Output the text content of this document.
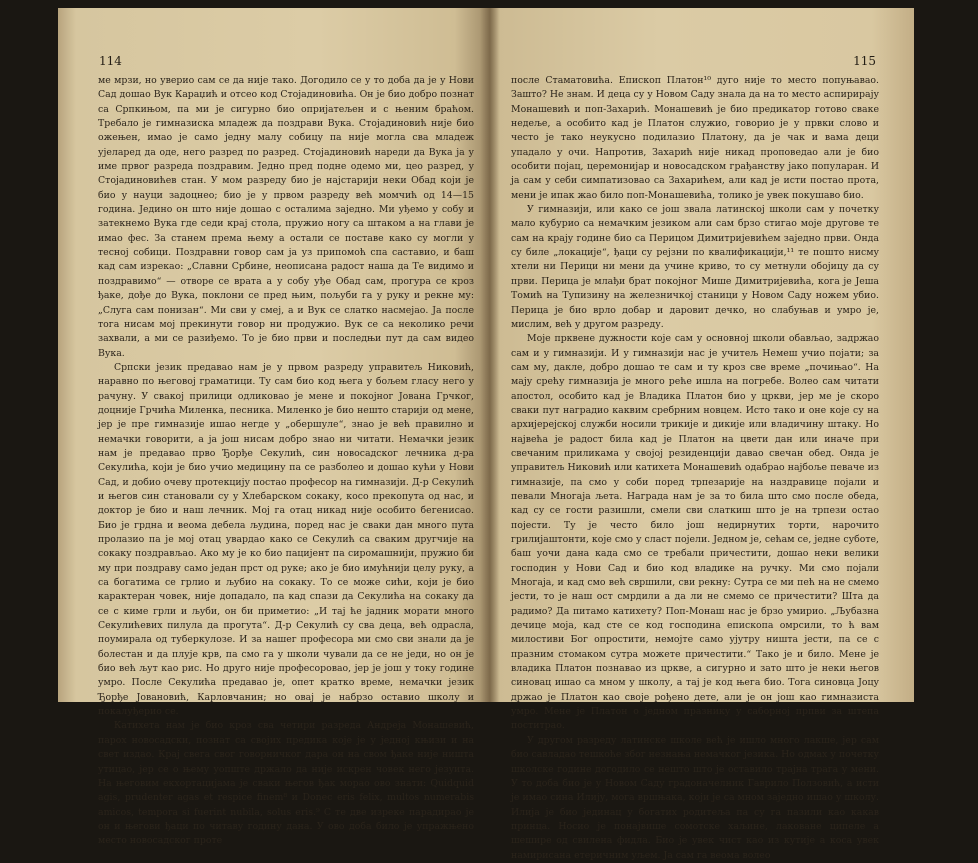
114

ме мрзи, но уверио сам се да није тако. Догодило се у то доба да је у Нови Сад дошао Вук Караџић и отсео код Стојадиновића. Он је био добро познат са Српкињом, па ми је сигурно био опријатељен и с њеним браћом. Требало је гимназиска младеж да поздрави Вука. Стојадиновић није био ожењен, имао је само једну малу собицу па није могла сва младеж ујеларед да оде, него разред по разред. Стојадиновић нареди да Вука ја у име првог разреда поздравим. Једно пред подне одемо ми, цео разред, у Стојадиновићев стан. У мом разреду био је најстарији неки Обад који је био у науци задоцнео; био је у првом разреду већ момчић од 14—15 година. Једино он што није дошао с осталима заједно. Ми уђемо у собу и затекнемо Вука где седи крај стола, пружио ногу са штаком а на глави је имао фес. За станем према њему а остали се поставе како су могли у тесној собици. Поздравни говор сам ја уз припомоћ спа саставио, и баш кад сам изрекао: „Славни Србине, неописана радост наша да Те видимо и поздравимо“ — отворе се врата а у собу уђе Обад сам, прогура се кроз ђаке, дође до Вука, поклони се пред њим, пољуби га у руку и рекне му: „Слуга сам понизан“. Ми сви у смеј, а и Вук се слатко насмејао. Ја после тога нисам мој прекинути говор ни продужио. Вук се са неколико речи захвали, а ми се разиђемо. То је био први и последњи пут да сам видео Вука.

Српски језик предавао нам је у првом разреду управитељ Никовић, наравно по његовој граматици. Ту сам био код њега у бољем гласу него у рачуну. У свакој прилици одликовао је мене и покојног Јована Грчког, доцније Грчића Миленка, песника. Миленко је био нешто старији од мене, јер је пре гимназије ишао негде у „обершуле“, знао је већ правилно и немачки говорити, а ја још нисам добро знао ни читати. Немачки језик нам је предавао прво Ђорђе Секулић, син новосадског лечника д-ра Секулића, који је био учио медицину па се разболео и дошао кући у Нови Сад, и добио очеву протекцију постао професор на гимназији. Д-р Секулић и његов син становали су у Хлебарском сокаку, косо прекопута од нас, и доктор је био и наш лечник. Мој га отац никад није особито бегенисао. Био је грдна и веома дебела људина, поред нас је сваки дан много пута пролазио па је мој отац увардао како се Секулић са сваким другчије на сокаку поздрављао. Ако му је ко био пацијент па сиромашнији, пружио би му при поздраву само један прст од руке; ако је био имућнији целу руку, а са богатима се грлио и љубио на сокаку. То се може сићи, који је био карактеран човек, није допадало, па кад спази да Секулића на сокаку да се с киме грли и љуби, он би приметио: „И тај ће јадник морати много Секулићевих пилула да прогута“. Д-р Секулић су сва деца, већ одрасла, поумирала од туберкулозе. И за нашег професора ми смо сви знали да је болестан и да плује крв, па смо га у школи чували да се не једи, но он је био већ љут као рис. Но друго није професоровао, јер је још у току године умро. После Секулића предавао је, опет кратко време, немачки језик Ђорђе Јовановић, Карловчанин; но овај је набрзо оставио школу и покалуђерио се.

Катихета нам је био кроз сва четири разреда Андреја Монашевић, парох новосадски, познат са својих предика које је у једној књизи и на свет издао. Крај свега свог говорничког дара он на свом ђаке није ништа утицао, јер се о њему уопште држало да није искрен човек него језуита. На његовим екхортацијама је сваки његов ђак морао ово знати: Quidquid agis, prudenter agas et respice finem⁸ и Donec eris felix, multos numerabis amicos, tempora si fuerint nubila, solus eris.⁹ С те две изреке парадирао је он и његови ђаци по читаву годину дана. У ово доба било је упражњено место новосадског проте

115

после Стаматовића. Епископ Платон¹⁰ дуго није то место попуњавао. Зашто? Не знам. И деца су у Новом Саду знала да на то место аспирирају Монашевић и поп-Захарић. Монашевић је био предикатор готово сваке недеље, а особито кад је Платон служио, говорио је у првки слово и често је тако неукусно подилазио Платону, да је чак и вама деци упадало у очи. Напротив, Захарић није никад проповедао али је био особити појац, церемонијар и новосадском грађанству јако популаран. И ја сам у себи симпатизовао са Захарићем, али кад је исти постао прота, мени је ипак жао било поп-Монашевића, толико је увек покушаво био.

У гимназији, или како се још звала латинској школи сам у почетку мало кубурио са немачким језиком али сам брзо стигао моје другове те сам на крају године био са Перицом Димитријевићем заједно први. Онда су биле „локације“, ђаци су рејзни по квалификацији,¹¹ те пошто нисму хтели ни Перици ни мени да учине криво, то су метнули обојицу да су први. Перица је млађи брат покојног Мише Димитријевића, кога је Јеша Томић на Тупизину на железничкој станици у Новом Саду ножем убио. Перица је био врло добар и даровит дечко, но слабуњав и умро је, мислим, већ у другом разреду.

Моје прквене дужности које сам у основној школи обављао, задржао сам и у гимназији. И у гимназији нас је учитељ Немеш учио појати; за сам му, дакле, добро дошао те сам и ту кроз све време „почињао“. На мају срећу гимназија је много реће ишла на погребе. Волео сам читати апостол, особито кад је Владика Платон био у цркви, јер ме је скоро сваки пут наградио каквим сребрним новцем. Исто тако и оне које су на архијерејској служби носили трикије и дикије или владичину штаку. Но највећа је радост била кад је Платон на цвети дан или иначе при свечаним приликама у својој резиденцији давао свечан обед. Онда је управитељ Никовић или катихета Монашевић одабрао најбоље певаче из гимназије, па смо у соби поред трпезарије на наздравице појали и певали Многаја љета. Награда нам је за то била што смо после обеда, кад су се гости разишли, смели сви слаткиш што је на трпези остао појести. Ту је често било још недирнутих торти, нарочито грилијаштонти, које смо у сласт појели. Једном је, сећам се, једне суботе, баш уочи дана када смо се требали причестити, дошао неки велики господин у Нови Сад и био код владике на ручку. Ми смо појали Многаја, и кад смо већ свршили, сви рекну: Сутра се ми пећ на не смемо јести, то је наш ост смрдили а да ли не смемо се причестити? Шта да радимо? Да питамо катихету? Поп-Монаш нас је брзо умирио. „Љубазна дечице моја, кад сте се код господина епископа омрсили, то ћ вам милостиви Бог опростити, немојте само ујутру ништа јести, па се с празним стомаком сутра можете причестити.“ Тако је и било. Мене је владика Платон познавао из цркве, а сигурно и зато што је неки његов синовац ишао са мном у школу, а тај је код њега био. Тога синовца Јоцу држао је Платон као своје рођено дете, али је он још као гимназиста умро. Мене је Платон о једном празнику у саборној прпви за штепа поститрао.

У другом разреду латинске школе већ је ишло много лакше, јер сам био савладао тешкоће због незнања немачког језика. Но одмах у почетку школске године догодило се нешто што је оставило трајна трага у мени. У то доба био је у Новом Саду градоначелник Гаврило Ползовић, а исти је имао сина Илију, мога вршњака, који је са мном заједно ишао у школу. Илија је био јединац у богатих родитеља па су га пазили као какав принца. Носио је понајвише сомотске хаљине, лаковане ципеле а шешире од свилена фидла. Био је увек чист као из кутије а коса увек намирисана етеричним уљем. Ја сам га веома волео
